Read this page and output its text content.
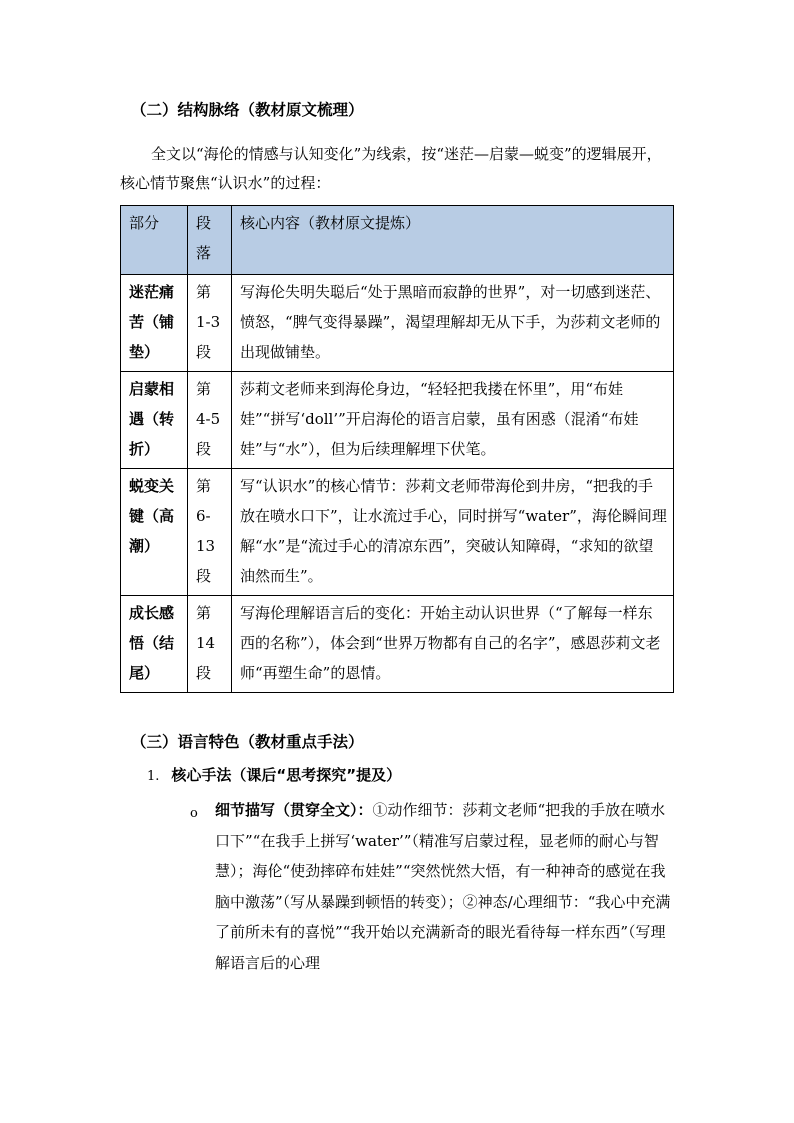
（二）结构脉络（教材原文梳理）
全文以“海伦的情感与认知变化”为线索，按“迷茫—启蒙—蜕变”的逻辑展开，核心情节聚焦“认识水”的过程：
部分	段落	核心内容（教材原文提炼）
迷茫痛苦（铺垫）	第 1-3 段	写海伦失明失聪后“处于黑暗而寂静的世界”，对一切感到迷茫、愤怒，“脾气变得暴躁”，渴望理解却无从下手，为莎莉文老师的出现做铺垫。
启蒙相遇（转折）	第 4-5 段	莎莉文老师来到海伦身边，“轻轻把我搂在怀里”，用“布娃娃”“拼写‘doll’”开启海伦的语言启蒙，虽有困惑（混淆“布娃娃”与“水”），但为后续理解埋下伏笔。
蜕变关键（高潮）	第 6-13 段	写“认识水”的核心情节：莎莉文老师带海伦到井房，“把我的手放在喷水口下”，让水流过手心，同时拼写“water”，海伦瞬间理解“水”是“流过手心的清凉东西”，突破认知障碍，“求知的欲望油然而生”。
成长感悟（结尾）	第 14 段	写海伦理解语言后的变化：开始主动认识世界（“了解每一样东西的名称”），体会到“世界万物都有自己的名字”，感恩莎莉文老师“再塑生命”的恩情。
（三）语言特色（教材重点手法）
1. 核心手法（课后“思考探究”提及）
o 细节描写（贯穿全文）：①动作细节：莎莉文老师“把我的手放在喷水口下”“在我手上拼写‘water’”（精准写启蒙过程，显老师的耐心与智慧）；海伦“使劲摔碎布娃娃”“突然恍然大悟，有一种神奇的感觉在我脑中激荡”（写从暴躁到顿悟的转变）；②神态/心理细节：“我心中充满了前所未有的喜悦”“我开始以充满新奇的眼光看待每一样东西”（写理解语言后的心理
